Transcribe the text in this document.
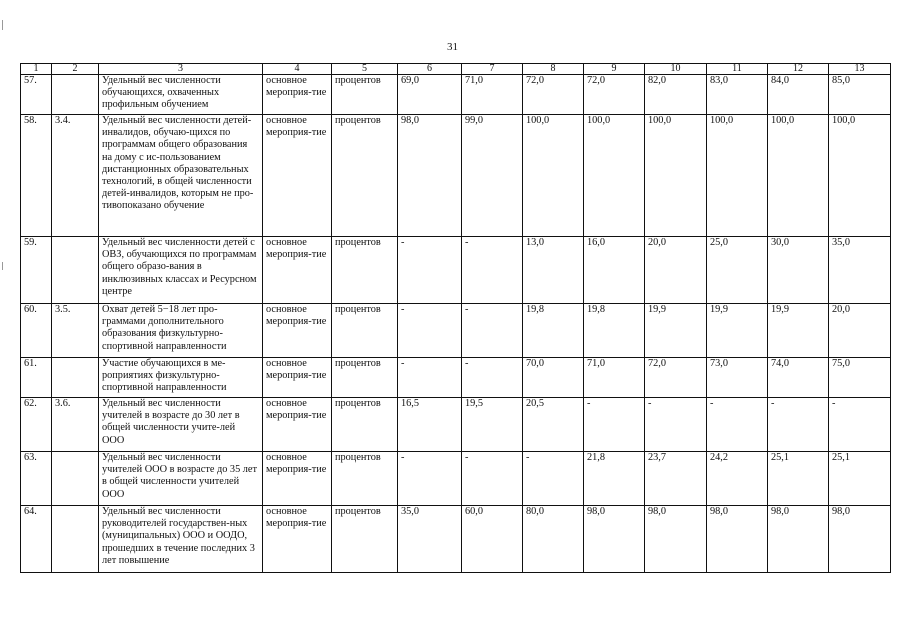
31
1	2	3	4	5	6	7	8	9	10	11	12	13
57.		Удельный вес численности обучающихся, охваченных профильным обучением	основное мероприя-тие	процентов	69,0	71,0	72,0	72,0	82,0	83,0	84,0	85,0
58.	3.4.	Удельный вес численности детей-инвалидов, обучаю-щихся по программам общего образования на дому с ис-пользованием дистанционных образовательных технологий, в общей численности детей-инвалидов, которым не про-тивопоказано обучение	основное мероприя-тие	процентов	98,0	99,0	100,0	100,0	100,0	100,0	100,0	100,0
59.		Удельный вес численности детей с ОВЗ, обучающихся по программам общего образо-вания в инклюзивных классах и Ресурсном центре	основное мероприя-тие	процентов	-	-	13,0	16,0	20,0	25,0	30,0	35,0
60.	3.5.	Охват детей 5−18 лет про-граммами дополнительного образования физкультурно-спортивной направленности	основное мероприя-тие	процентов	-	-	19,8	19,8	19,9	19,9	19,9	20,0
61.		Участие обучающихся в ме-роприятиях физкультурно-спортивной направленности	основное мероприя-тие	процентов	-	-	70,0	71,0	72,0	73,0	74,0	75,0
62.	3.6.	Удельный вес численности учителей в возрасте до 30 лет в общей численности учите-лей ООО	основное мероприя-тие	процентов	16,5	19,5	20,5	-	-	-	-	-
63.		Удельный вес численности учителей ООО в возрасте до 35 лет в общей численности учителей ООО	основное мероприя-тие	процентов	-	-	-	21,8	23,7	24,2	25,1	25,1
64.		Удельный вес численности руководителей государствен-ных (муниципальных) ООО и ООДО, прошедших в течение последних 3 лет повышение	основное мероприя-тие	процентов	35,0	60,0	80,0	98,0	98,0	98,0	98,0	98,0
